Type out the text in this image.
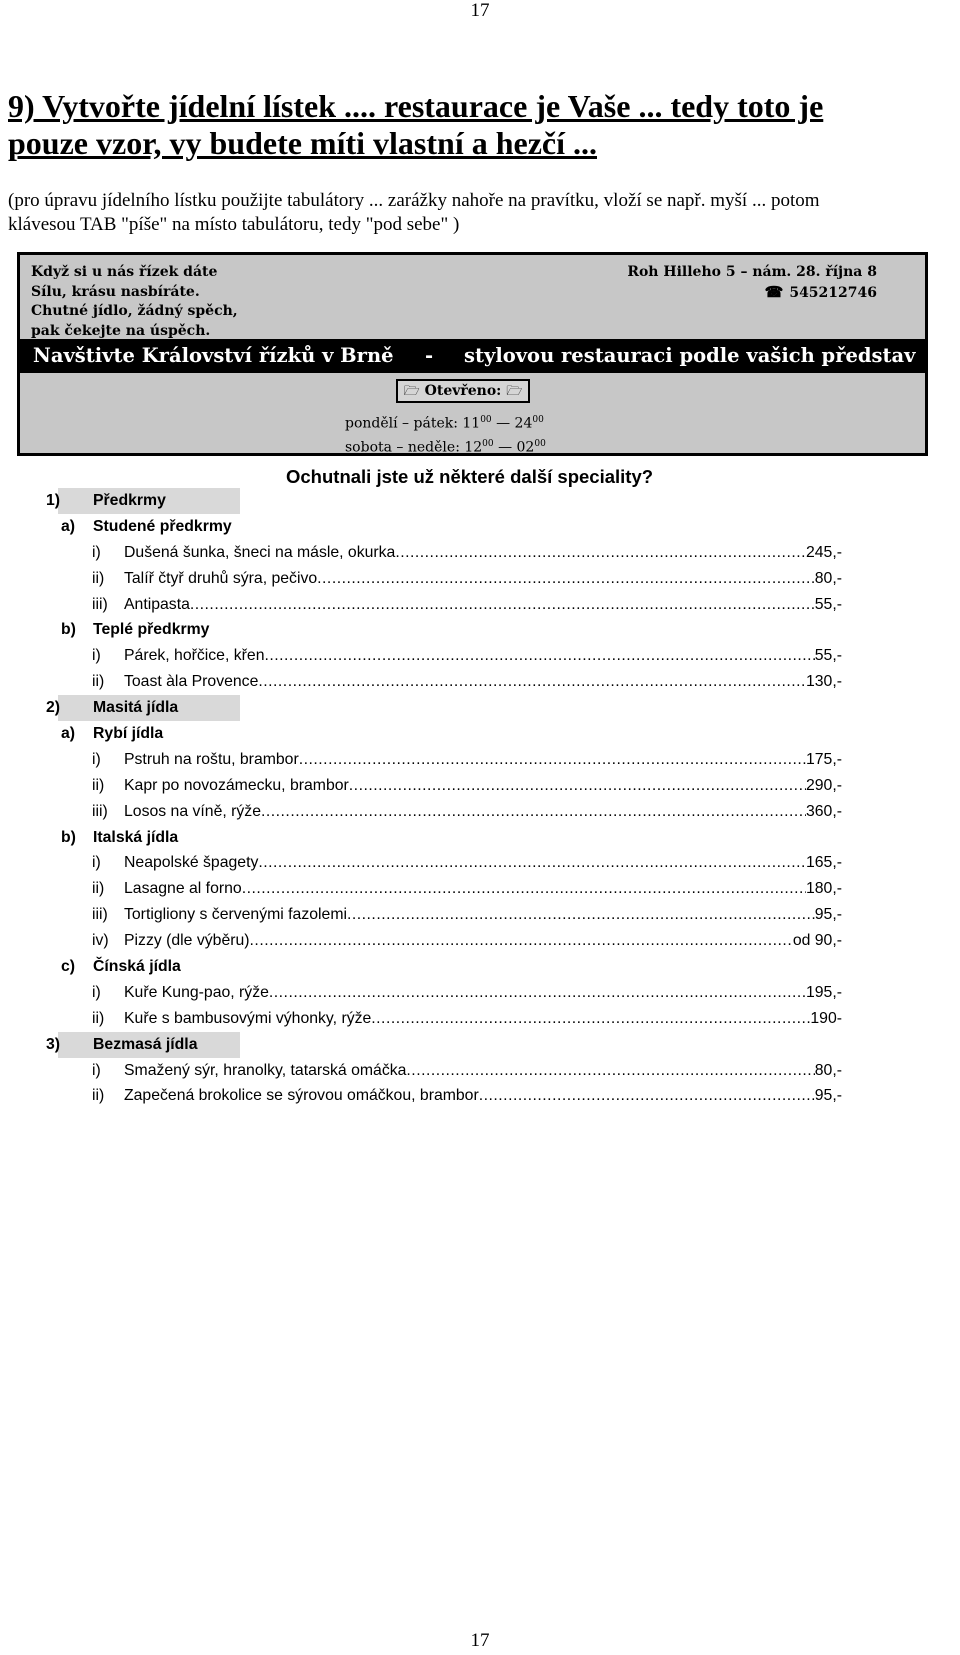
17
9) Vytvořte jídelní lístek .... restaurace je Vaše ... tedy toto je
pouze vzor, vy budete míti vlastní a hezčí ...
(pro úpravu jídelního lístku použijte tabulátory ... zarážky nahoře na pravítku, vloží se např. myší ... potom
klávesou TAB "píše" na místo tabulátoru, tedy "pod sebe" )
Když si u nás řízek dáte
Sílu, krásu nasbíráte.
Chutné jídlo, žádný spěch,
pak čekejte na úspěch.
Roh Hilleho 5 – nám. 28. října 8
☎ 545212746
Navštivte Království řízků v Brně - stylovou restauraci podle vašich představ
🗁 Otevřeno: 🗁
pondělí – pátek: $11^{00}$ — $24^{00}$
sobota – neděle: $12^{00}$ — $02^{00}$
Ochutnali jste už některé další speciality?
1) Předkrmy
a) Studené předkrmy
i) Dušená šunka, šneci na másle, okurka .....	245,-
ii) Talíř čtyř druhů sýra, pečivo .....	80,-
iii) Antipasta .....	55,-
b) Teplé předkrmy
i) Párek, hořčice, křen .....	55,-
ii) Toast àla Provence .....	130,-
2) Masitá jídla
a) Rybí jídla
i) Pstruh na roštu, brambor .....	175,-
ii) Kapr po novozámecku, brambor .....	290,-
iii) Losos na víně, rýže .....	360,-
b) Italská jídla
i) Neapolské špagety .....	165,-
ii) Lasagne al forno .....	180,-
iii) Tortigliony s červenými fazolemi .....	95,-
iv) Pizzy (dle výběru) .....	od 90,-
c) Čínská jídla
i) Kuře Kung-pao, rýže .....	195,-
ii) Kuře s bambusovými výhonky, rýže .....	190-
3) Bezmasá jídla
i) Smažený sýr, hranolky, tatarská omáčka .....	80,-
ii) Zapečená brokolice se sýrovou omáčkou, brambor .....	95,-
17
